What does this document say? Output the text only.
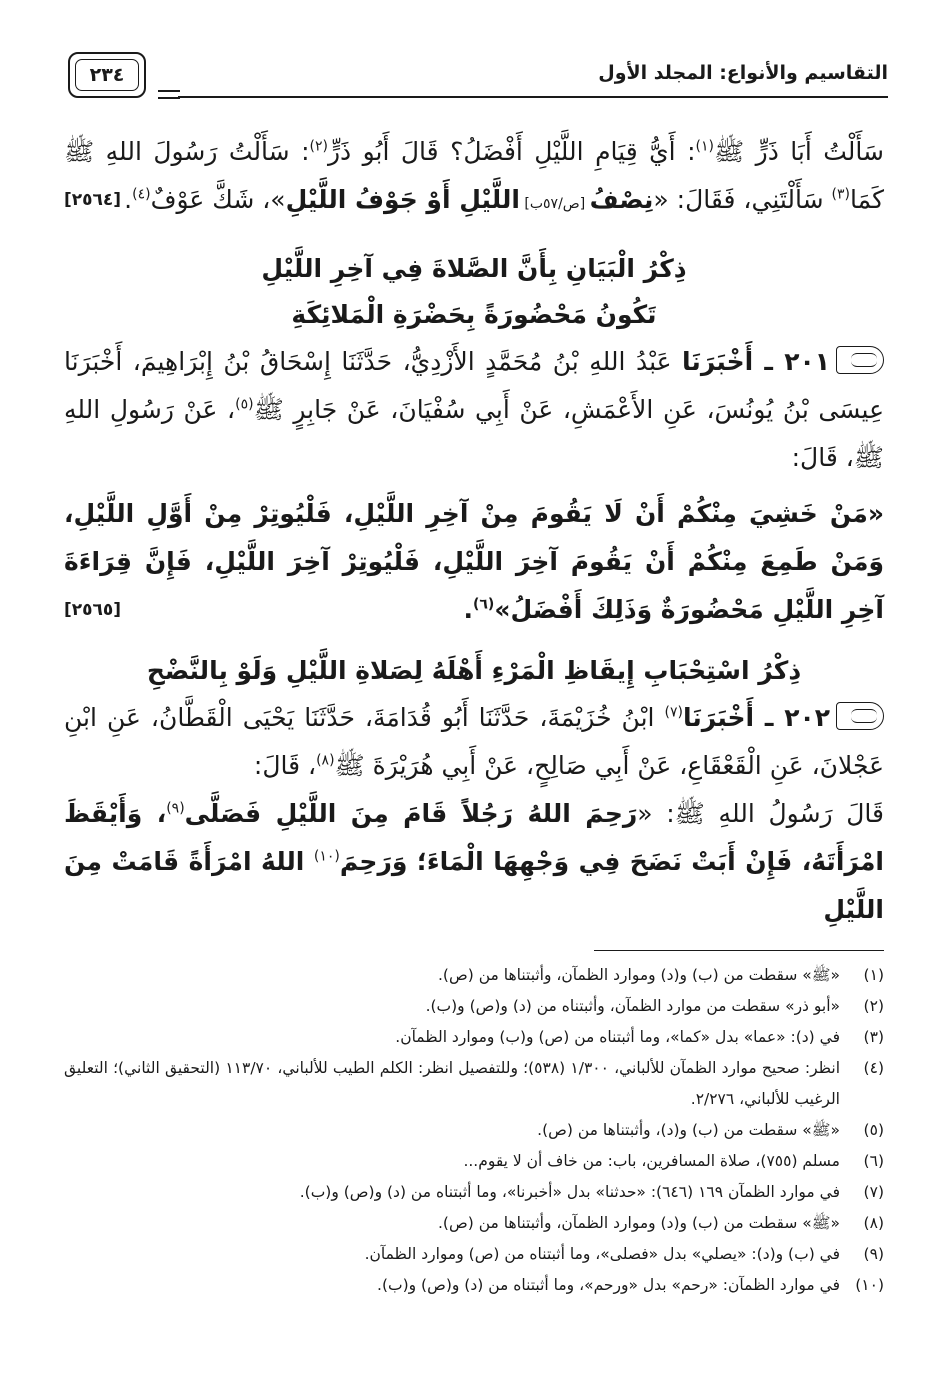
التقاسيم والأنواع: المجلد الأول
٢٣٤

سَأَلْتُ أَبَا ذَرٍّ ﷺ$^{(١)}$: أَيُّ قِيَامِ اللَّيْلِ أَفْضَلُ؟ قَالَ أَبُو ذَرٍّ$^{(٢)}$: سَأَلْتُ رَسُولَ اللهِ ﷺ كَمَا$^{(٣)}$ سَأَلْتَنِي، فَقَالَ: «نِصْفُ [ص/٥٧ب] اللَّيْلِ أَوْ جَوْفُ اللَّيْلِ»، شَكَّ عَوْفٌ$^{(٤)}$.
[٢٥٦٤]

ذِكْرُ الْبَيَانِ بِأَنَّ الصَّلاةَ فِي آخِرِ اللَّيْلِ

تَكُونُ مَحْضُورَةً بِحَضْرَةِ الْمَلائِكَةِ

٢٠١ ـ أَخْبَرَنَا عَبْدُ اللهِ بْنُ مُحَمَّدٍ الأَزْدِيُّ، حَدَّثَنَا إِسْحَاقُ بْنُ إِبْرَاهِيمَ، أَخْبَرَنَا عِيسَى بْنُ يُونُسَ، عَنِ الأَعْمَشِ، عَنْ أَبِي سُفْيَانَ، عَنْ جَابِرٍ ﷺ$^{(٥)}$، عَنْ رَسُولِ اللهِ ﷺ، قَالَ:

«مَنْ خَشِيَ مِنْكُمْ أَنْ لَا يَقُومَ مِنْ آخِرِ اللَّيْلِ، فَلْيُوتِرْ مِنْ أَوَّلِ اللَّيْلِ، وَمَنْ طَمِعَ مِنْكُمْ أَنْ يَقُومَ آخِرَ اللَّيْلِ، فَلْيُوتِرْ آخِرَ اللَّيْلِ، فَإِنَّ قِرَاءَةَ آخِرِ اللَّيْلِ مَحْضُورَةٌ وَذَلِكَ أَفْضَلُ»$^{(٦)}$.
[٢٥٦٥]

ذِكْرُ اسْتِحْبَابِ إِيقَاظِ الْمَرْءِ أَهْلَهُ لِصَلاةِ اللَّيْلِ وَلَوْ بِالنَّضْحِ

٢٠٢ ـ أَخْبَرَنَا$^{(٧)}$ ابْنُ خُزَيْمَةَ، حَدَّثَنَا أَبُو قُدَامَةَ، حَدَّثَنَا يَحْيَى الْقَطَّانُ، عَنِ ابْنِ عَجْلانَ، عَنِ الْقَعْقَاعِ، عَنْ أَبِي صَالِحٍ، عَنْ أَبِي هُرَيْرَةَ ﷺ$^{(٨)}$، قَالَ:

قَالَ رَسُولُ اللهِ ﷺ: «رَحِمَ اللهُ رَجُلاً قَامَ مِنَ اللَّيْلِ فَصَلَّى$^{(٩)}$، وَأَيْقَظَ امْرَأَتَهُ، فَإِنْ أَبَتْ نَضَحَ فِي وَجْهِهَا الْمَاءَ؛ وَرَحِمَ$^{(١٠)}$ اللهُ امْرَأَةً قَامَتْ مِنَ اللَّيْلِ

(١)
«ﷺ» سقطت من (ب) و(د) وموارد الظمآن، وأثبتناها من (ص).
(٢)
«أبو ذر» سقطت من موارد الظمآن، وأثبتناه من (د) و(ص) و(ب).
(٣)
في (د): «عما» بدل «كما»، وما أثبتناه من (ص) و(ب) وموارد الظمآن.
(٤)
انظر: صحيح موارد الظمآن للألباني، ١/٣٠٠ (٥٣٨)؛ وللتفصيل انظر: الكلم الطيب للألباني، ١١٣/٧٠ (التحقيق الثاني)؛ التعليق الرغيب للألباني، ٢/٢٧٦.
(٥)
«ﷺ» سقطت من (ب) و(د)، وأثبتناها من (ص).
(٦)
مسلم (٧٥٥)، صلاة المسافرين، باب: من خاف أن لا يقوم...
(٧)
في موارد الظمآن ١٦٩ (٦٤٦): «حدثنا» بدل «أخبرنا»، وما أثبتناه من (د) و(ص) و(ب).
(٨)
«ﷺ» سقطت من (ب) و(د) وموارد الظمآن، وأثبتناها من (ص).
(٩)
في (ب) و(د): «يصلي» بدل «فصلى»، وما أثبتناه من (ص) وموارد الظمآن.
(١٠)
في موارد الظمآن: «رحم» بدل «ورحم»، وما أثبتناه من (د) و(ص) و(ب).
